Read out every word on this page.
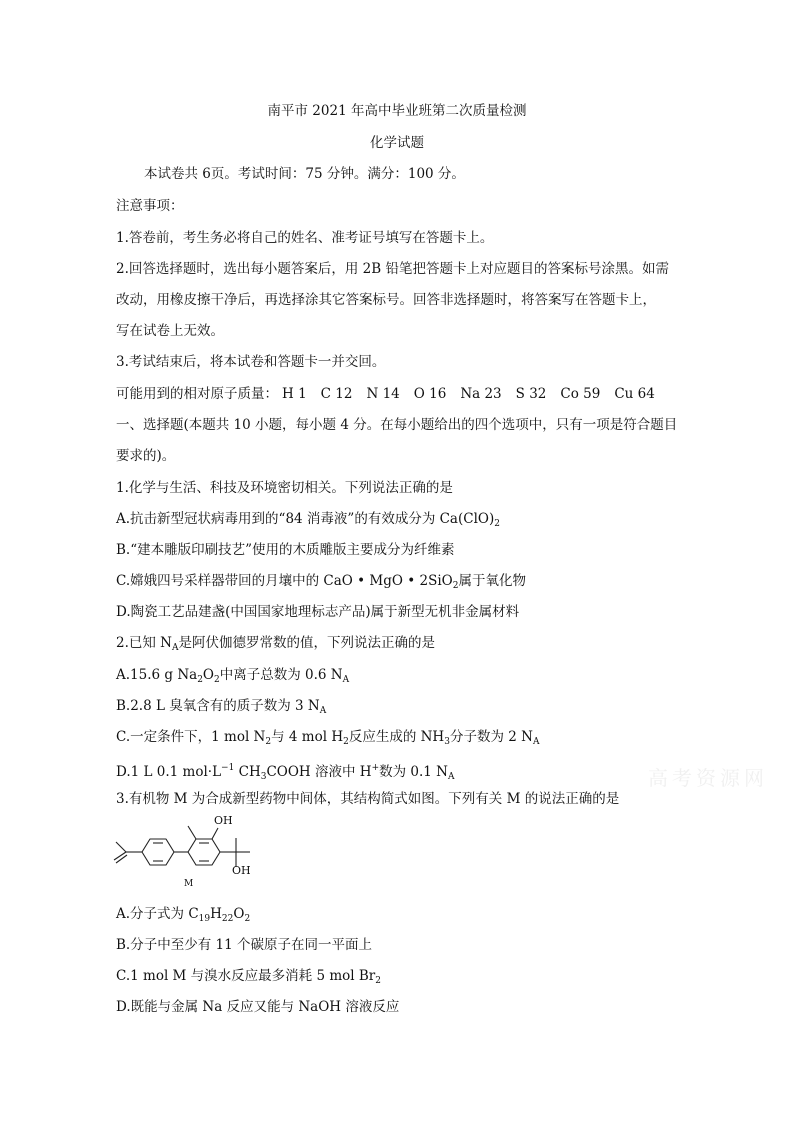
高考资源网
南平市 2021 年高中毕业班第二次质量检测
化学试题
本试卷共 6页。考试时间：75 分钟。满分：100 分。
注意事项：
1.答卷前，考生务必将自己的姓名、准考证号填写在答题卡上。
2.回答选择题时，选出每小题答案后，用 2B 铅笔把答题卡上对应题目的答案标号涂黑。如需
改动，用橡皮擦干净后，再选择涂其它答案标号。回答非选择题时，将答案写在答题卡上，
写在试卷上无效。
3.考试结束后，将本试卷和答题卡一并交回。
可能用到的相对原子质量： H 1 C 12 N 14 O 16 Na 23 S 32 Co 59 Cu 64
一、选择题(本题共 10 小题，每小题 4 分。在每小题给出的四个选项中，只有一项是符合题目
要求的)。
1.化学与生活、科技及环境密切相关。下列说法正确的是
A.抗击新型冠状病毒用到的“84 消毒液”的有效成分为 $Ca(ClO)_2$
B.“建本雕版印刷技艺”使用的木质雕版主要成分为纤维素
C.嫦娥四号采样器带回的月壤中的 CaO • MgO • 2SiO$_2$属于氧化物
D.陶瓷工艺品建盏(中国国家地理标志产品)属于新型无机非金属材料
2.已知 $N_A$是阿伏伽德罗常数的值，下列说法正确的是
A.15.6 g $Na_2O_2$中离子总数为 0.6 $N_A$
B.2.8 L 臭氧含有的质子数为 3 $N_A$
C.一定条件下，1 mol $N_2$与 4 mol $H_2$反应生成的 $NH_3$分子数为 2 $N_A$
D.1 L 0.1 $mol\cdot L^{-1}$ $CH_3COOH$ 溶液中 H+数为 0.1 $N_A$
3.有机物 M 为合成新型药物中间体，其结构简式如图。下列有关 M 的说法正确的是
OH
OH
M
A.分子式为 $C_{19}H_{22}O_2$
B.分子中至少有 11 个碳原子在同一平面上
C.1 mol M 与溴水反应最多消耗 5 mol $Br_2$
D.既能与金属 Na 反应又能与 NaOH 溶液反应
